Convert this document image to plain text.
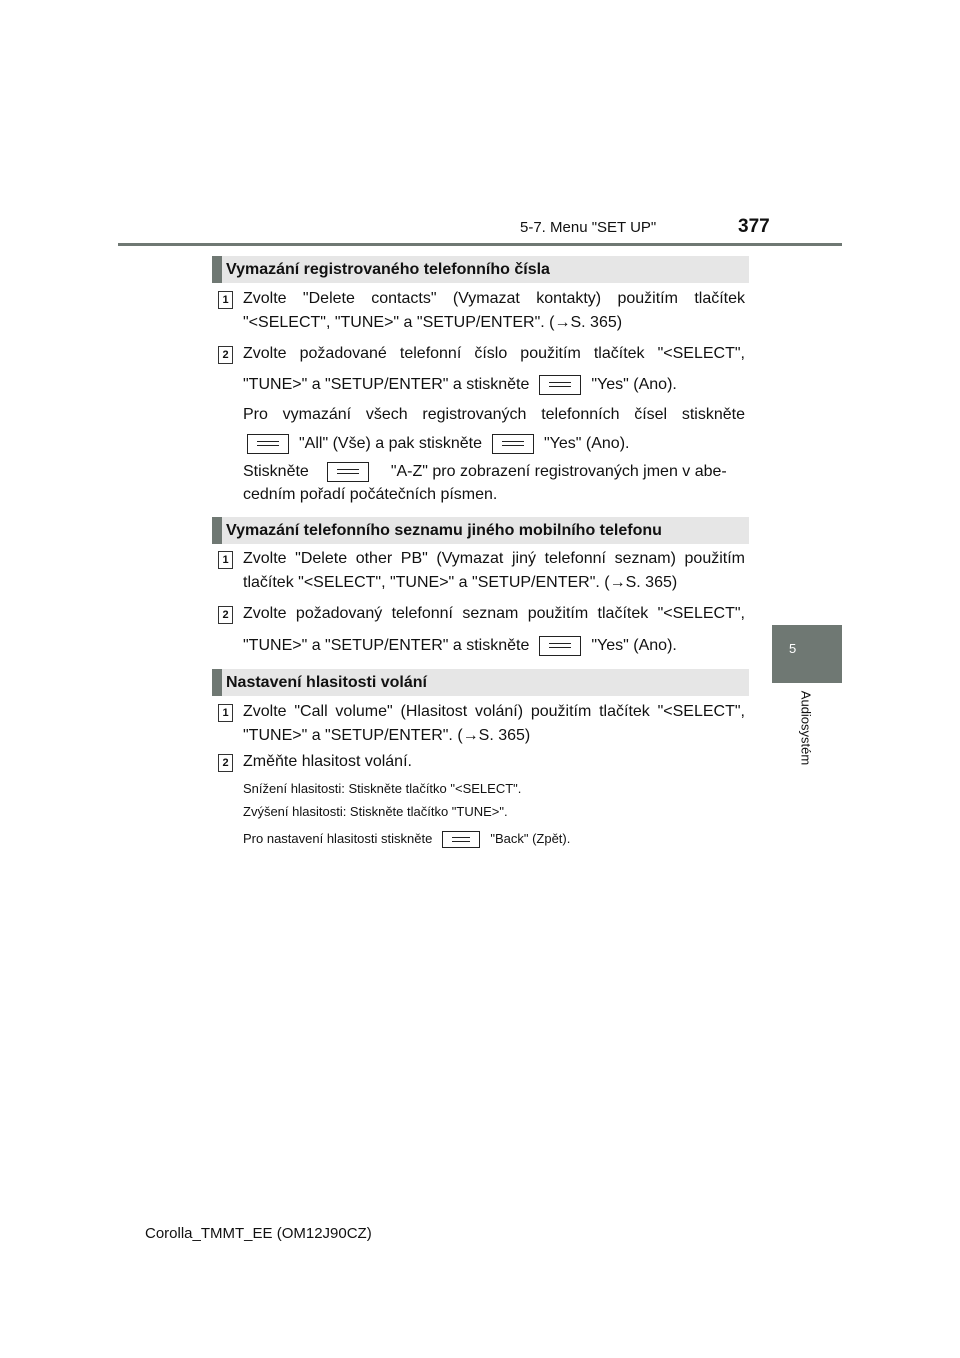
5-7. Menu "SET UP"	377
5
Audiosystém
Vymazání registrovaného telefonního čísla
1 Zvolte "Delete contacts" (Vymazat kontakty) použitím tlačítek
"<SELECT", "TUNE>" a "SETUP/ENTER". (→S. 365)
2 Zvolte požadované telefonní číslo použitím tlačítek "<SELECT",
"TUNE>" a "SETUP/ENTER" a stiskněte	"Yes" (Ano).
Pro vymazání všech registrovaných telefonních čísel stiskněte
"All" (Vše) a pak stiskněte	"Yes" (Ano).
Stiskněte	"A-Z" pro zobrazení registrovaných jmen v abe-
cedním pořadí počátečních písmen.
Vymazání telefonního seznamu jiného mobilního telefonu
1 Zvolte "Delete other PB" (Vymazat jiný telefonní seznam) použitím
tlačítek "<SELECT", "TUNE>" a "SETUP/ENTER". (→S. 365)
2 Zvolte požadovaný telefonní seznam použitím tlačítek "<SELECT",
"TUNE>" a "SETUP/ENTER" a stiskněte	"Yes" (Ano).
Nastavení hlasitosti volání
1 Zvolte "Call volume" (Hlasitost volání) použitím tlačítek "<SELECT",
"TUNE>" a "SETUP/ENTER". (→S. 365)
2 Změňte hlasitost volání.
Snížení hlasitosti: Stiskněte tlačítko "<SELECT".
Zvýšení hlasitosti: Stiskněte tlačítko "TUNE>".
Pro nastavení hlasitosti stiskněte	"Back" (Zpět).
Corolla_TMMT_EE (OM12J90CZ)
